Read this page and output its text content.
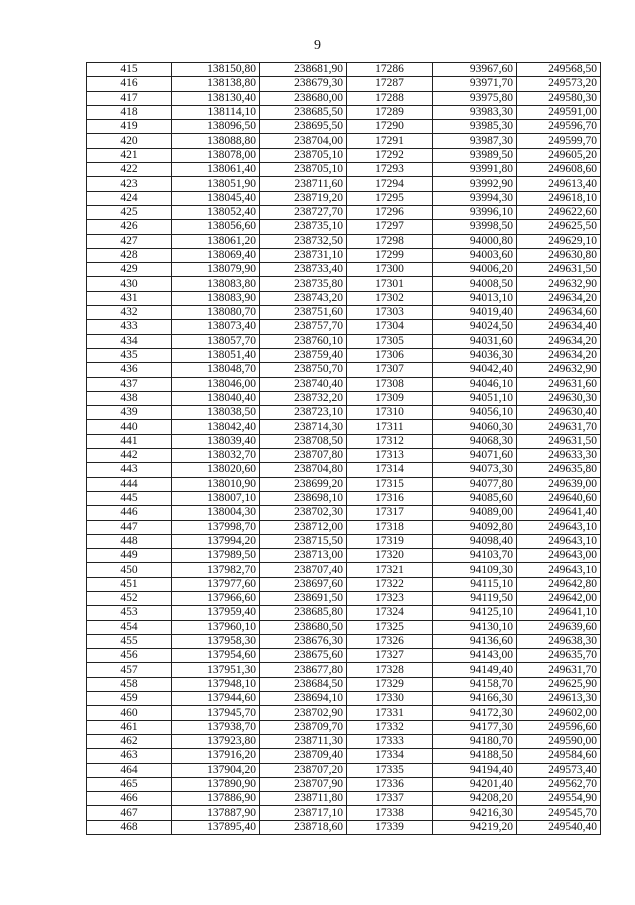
9
415	138150,80	238681,90	17286	93967,60	249568,50
416	138138,80	238679,30	17287	93971,70	249573,20
417	138130,40	238680,00	17288	93975,80	249580,30
418	138114,10	238685,50	17289	93983,30	249591,00
419	138096,50	238695,50	17290	93985,30	249596,70
420	138088,80	238704,00	17291	93987,30	249599,70
421	138078,00	238705,10	17292	93989,50	249605,20
422	138061,40	238705,10	17293	93991,80	249608,60
423	138051,90	238711,60	17294	93992,90	249613,40
424	138045,40	238719,20	17295	93994,30	249618,10
425	138052,40	238727,70	17296	93996,10	249622,60
426	138056,60	238735,10	17297	93998,50	249625,50
427	138061,20	238732,50	17298	94000,80	249629,10
428	138069,40	238731,10	17299	94003,60	249630,80
429	138079,90	238733,40	17300	94006,20	249631,50
430	138083,80	238735,80	17301	94008,50	249632,90
431	138083,90	238743,20	17302	94013,10	249634,20
432	138080,70	238751,60	17303	94019,40	249634,60
433	138073,40	238757,70	17304	94024,50	249634,40
434	138057,70	238760,10	17305	94031,60	249634,20
435	138051,40	238759,40	17306	94036,30	249634,20
436	138048,70	238750,70	17307	94042,40	249632,90
437	138046,00	238740,40	17308	94046,10	249631,60
438	138040,40	238732,20	17309	94051,10	249630,30
439	138038,50	238723,10	17310	94056,10	249630,40
440	138042,40	238714,30	17311	94060,30	249631,70
441	138039,40	238708,50	17312	94068,30	249631,50
442	138032,70	238707,80	17313	94071,60	249633,30
443	138020,60	238704,80	17314	94073,30	249635,80
444	138010,90	238699,20	17315	94077,80	249639,00
445	138007,10	238698,10	17316	94085,60	249640,60
446	138004,30	238702,30	17317	94089,00	249641,40
447	137998,70	238712,00	17318	94092,80	249643,10
448	137994,20	238715,50	17319	94098,40	249643,10
449	137989,50	238713,00	17320	94103,70	249643,00
450	137982,70	238707,40	17321	94109,30	249643,10
451	137977,60	238697,60	17322	94115,10	249642,80
452	137966,60	238691,50	17323	94119,50	249642,00
453	137959,40	238685,80	17324	94125,10	249641,10
454	137960,10	238680,50	17325	94130,10	249639,60
455	137958,30	238676,30	17326	94136,60	249638,30
456	137954,60	238675,60	17327	94143,00	249635,70
457	137951,30	238677,80	17328	94149,40	249631,70
458	137948,10	238684,50	17329	94158,70	249625,90
459	137944,60	238694,10	17330	94166,30	249613,30
460	137945,70	238702,90	17331	94172,30	249602,00
461	137938,70	238709,70	17332	94177,30	249596,60
462	137923,80	238711,30	17333	94180,70	249590,00
463	137916,20	238709,40	17334	94188,50	249584,60
464	137904,20	238707,20	17335	94194,40	249573,40
465	137890,90	238707,90	17336	94201,40	249562,70
466	137886,90	238711,80	17337	94208,20	249554,90
467	137887,90	238717,10	17338	94216,30	249545,70
468	137895,40	238718,60	17339	94219,20	249540,40
